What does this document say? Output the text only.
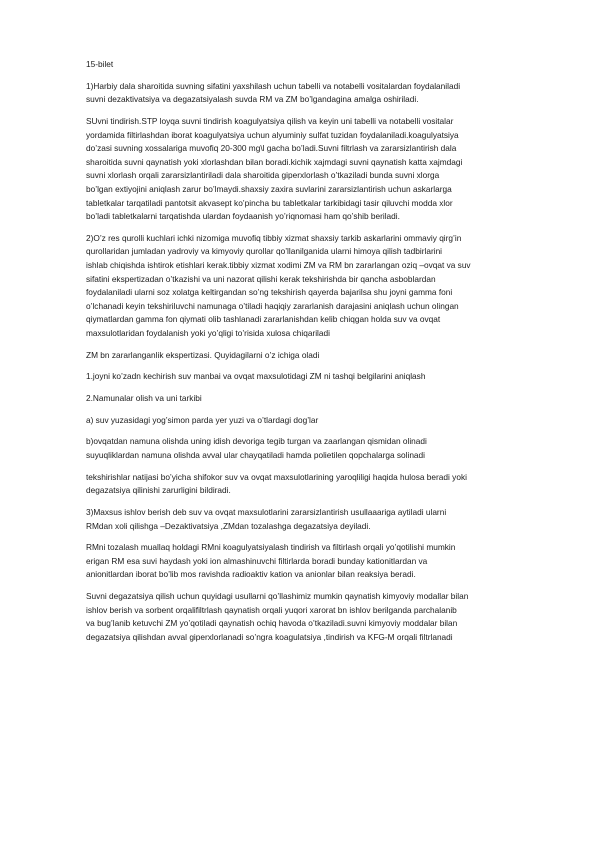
15-bilet
1)Harbiy dala sharoitida suvning sifatini yaxshilash uchun tabelli va notabelli vositalardan foydalaniladi
suvni dezaktivatsiya va degazatsiyalash suvda RM va ZM bo’lgandagina amalga oshiriladi.
SUvni tindirish.STP loyqa suvni tindirish koagulyatsiya qilish va keyin uni tabelli va notabelli vositalar
yordamida filtirlashdan iborat koagulyatsiya uchun alyuminiy sulfat tuzidan foydalaniladi.koagulyatsiya
do’zasi suvning xossalariga muvofiq 20-300 mg\l gacha bo’ladi.Suvni filtrlash va zararsizlantirish dala
sharoitida suvni qaynatish yoki xlorlashdan bilan boradi.kichik xajmdagi suvni qaynatish katta xajmdagi
suvni xlorlash orqali zararsizlantiriladi dala sharoitida giperxlorlash o’tkaziladi bunda suvni xlorga
bo’lgan extiyojini aniqlash zarur bo’lmaydi.shaxsiy zaxira suvlarini zararsizlantirish uchun askarlarga
tabletkalar tarqatiladi pantotsit akvasept ko’pincha bu tabletkalar tarkibidagi tasir qiluvchi modda xlor
bo’ladi tabletkalarni tarqatishda ulardan foydaanish yo’riqnomasi ham qo’shib beriladi.
2)O’z res qurolli kuchlari ichki nizomiga muvofiq tibbiy xizmat shaxsiy tarkib askarlarini ommaviy qirg’in
qurollaridan jumladan yadroviy va kimyoviy qurollar qo’llanilganida ularni himoya qilish tadbirlarini
ishlab chiqishda ishtirok etishlari kerak.tibbiy xizmat xodimi ZM va RM bn zararlangan oziq –ovqat va suv
sifatini ekspertizadan o’tkazishi va uni nazorat qilishi kerak tekshirishda bir qancha asboblardan
foydalaniladi ularni soz xolatga keltirgandan so’ng tekshirish qayerda bajarilsa shu joyni gamma foni
o’lchanadi keyin tekshiriluvchi namunaga o’tiladi haqiqiy zararlanish darajasini aniqlash uchun olingan
qiymatlardan gamma fon qiymati olib tashlanadi zararlanishdan kelib chiqgan holda suv va ovqat
maxsulotlaridan foydalanish yoki yo’qligi to’risida xulosa chiqariladi
ZM bn zararlanganlik ekspertizasi. Quyidagilarni o’z ichiga oladi
1.joyni ko’zadn kechirish suv manbai va ovqat maxsulotidagi ZM ni tashqi belgilarini aniqlash
2.Namunalar olish va uni tarkibi
a) suv yuzasidagi yog’simon parda yer yuzi va o’tlardagi dog’lar
b)ovqatdan namuna olishda uning idish devoriga tegib turgan va zaarlangan qismidan olinadi
suyuqliklardan namuna olishda avval ular chayqatiladi hamda polietilen qopchalarga solinadi
tekshirishlar natijasi bo’yicha shifokor suv va ovqat maxsulotlarining yaroqliligi haqida hulosa beradi yoki
degazatsiya qilinishi zarurligini bildiradi.
3)Maxsus ishlov berish deb suv va ovqat maxsulotlarini zararsizlantirish usullaaariga aytiladi ularni
RMdan xoli qilishga –Dezaktivatsiya ,ZMdan tozalashga degazatsiya deyiladi.
RMni tozalash muallaq holdagi RMni koagulyatsiyalash tindirish va filtirlash orqali yo’qotilishi mumkin
erigan RM esa suvi haydash yoki ion almashinuvchi filtirlarda boradi bunday kationitlardan va
anionitlardan iborat bo’lib mos ravishda radioaktiv kation va anionlar bilan reaksiya beradi.
Suvni degazatsiya qilish uchun quyidagi usullarni qo’llashimiz mumkin qaynatish kimyoviy modallar bilan
ishlov berish va sorbent orqalifiltrlash qaynatish orqali yuqori xarorat bn ishlov berilganda parchalanib
va bug’lanib ketuvchi ZM yo’qotiladi qaynatish ochiq havoda o’tkaziladi.suvni kimyoviy moddalar bilan
degazatsiya qilishdan avval giperxlorlanadi so’ngra koagulatsiya ,tindirish va KFG-M orqali filtrlanadi
